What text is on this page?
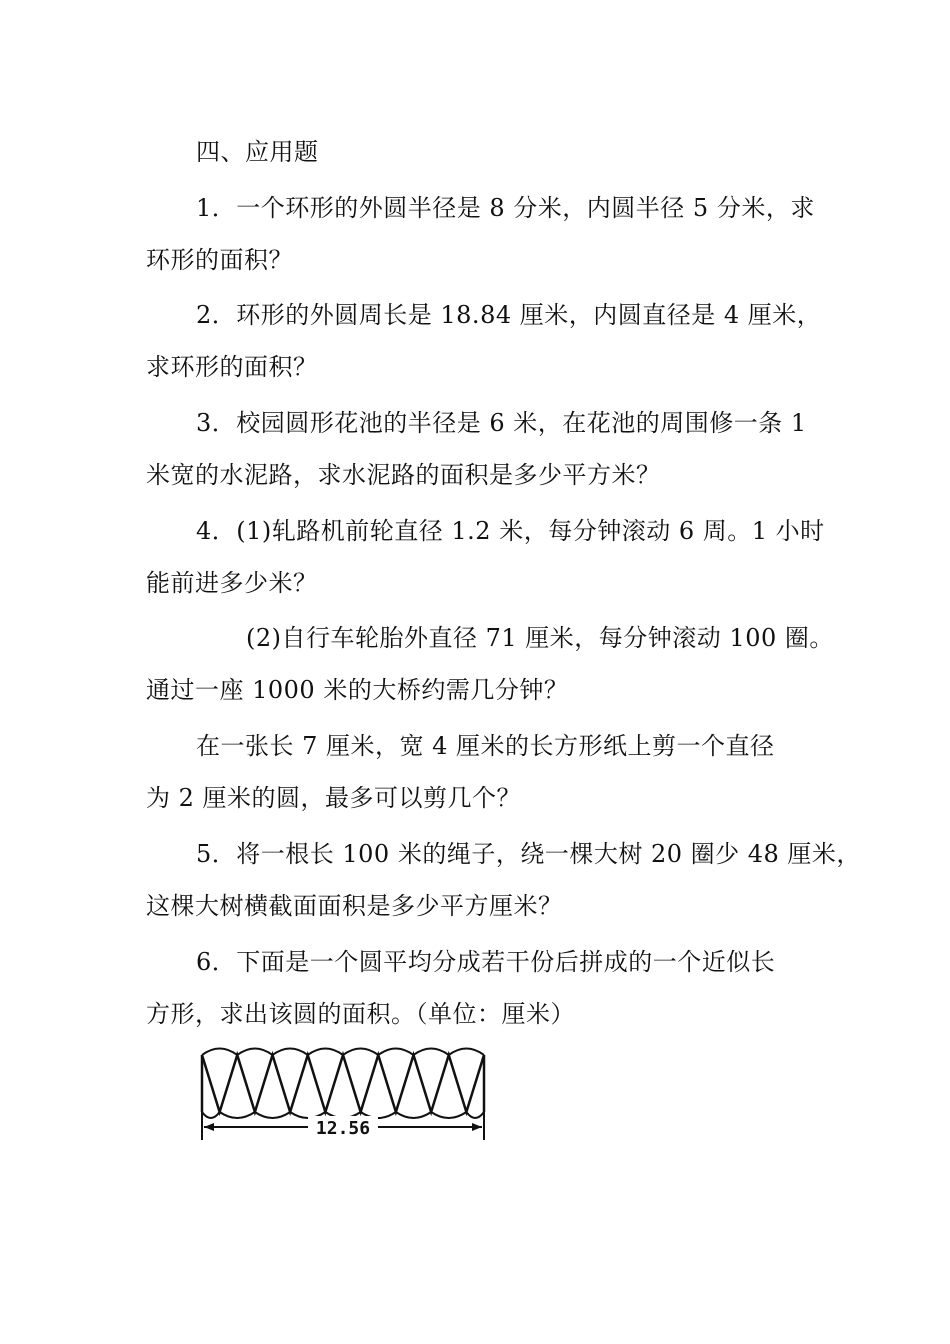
四、应用题
1．一个环形的外圆半径是 8 分米，内圆半径 5 分米，求
环形的面积？
2．环形的外圆周长是 18.84 厘米，内圆直径是 4 厘米，
求环形的面积？
3．校园圆形花池的半径是 6 米，在花池的周围修一条 1
米宽的水泥路，求水泥路的面积是多少平方米？
4．(1)轧路机前轮直径 1.2 米，每分钟滚动 6 周。1 小时
能前进多少米？
(2)自行车轮胎外直径 71 厘米，每分钟滚动 100 圈。
通过一座 1000 米的大桥约需几分钟？
在一张长 7 厘米，宽 4 厘米的长方形纸上剪一个直径
为 2 厘米的圆，最多可以剪几个？
5．将一根长 100 米的绳子，绕一棵大树 20 圈少 48 厘米，
这棵大树横截面面积是多少平方厘米？
6．下面是一个圆平均分成若干份后拼成的一个近似长
方形，求出该圆的面积。（单位：厘米）
12.56
